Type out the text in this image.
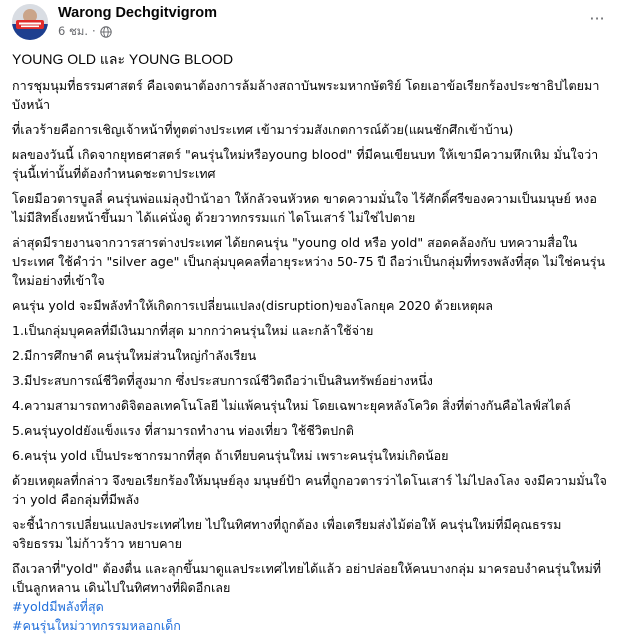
Warong Dechgitvigrom
6 ชม. ·
···

YOUNG OLD และ YOUNG BLOOD

การชุมนุมที่ธรรมศาสตร์ คือเจตนาต้องการล้มล้างสถาบันพระมหากษัตริย์ โดยเอาข้อเรียกร้องประชาธิปไตยมาบังหน้า

ที่เลวร้ายคือการเชิญเจ้าหน้าที่ทูตต่างประเทศ เข้ามาร่วมสังเกตการณ์ด้วย(แผนชักศึกเข้าบ้าน)

ผลของวันนี้ เกิดจากยุทธศาสตร์ "คนรุ่นใหม่หรือyoung blood" ที่มีคนเขียนบท ให้เขามีความหึกเหิม มั่นใจว่ารุ่นนี้เท่านั้นที่ต้องกำหนดชะตาประเทศ

โดยมีอวตารบูลลี่ คนรุ่นพ่อแม่ลุงป้าน้าอา ให้กลัวจนหัวหด ขาดความมั่นใจ ไร้ศักดิ์ศรีของความเป็นมนุษย์ หงอ ไม่มีสิทธิ์เงยหน้าขึ้นมา ได้แค่นั่งดู ด้วยวาทกรรมแก่ ไดโนเสาร์ ไม่ใช่ไปตาย

ล่าสุดมีรายงานจากวารสารต่างประเทศ ได้ยกคนรุ่น "young old หรือ yold" สอดคล้องกับ บทความสื่อในประเทศ ใช้คำว่า "silver age" เป็นกลุ่มบุคคลที่อายุระหว่าง 50-75 ปี ถือว่าเป็นกลุ่มที่ทรงพลังที่สุด ไม่ใช่คนรุ่นใหม่อย่างที่เข้าใจ

คนรุ่น yold จะมีพลังทำให้เกิดการเปลี่ยนแปลง(disruption)ของโลกยุค 2020 ด้วยเหตุผล

1.เป็นกลุ่มบุคคลที่มีเงินมากที่สุด มากกว่าคนรุ่นใหม่ และกล้าใช้จ่าย

2.มีการศึกษาดี คนรุ่นใหม่ส่วนใหญ่กำลังเรียน

3.มีประสบการณ์ชีวิตที่สูงมาก ซึ่งประสบการณ์ชีวิตถือว่าเป็นสินทรัพย์อย่างหนึ่ง

4.ความสามารถทางดิจิตอลเทคโนโลยี ไม่แพ้คนรุ่นใหม่ โดยเฉพาะยุคหลังโควิด สิ่งที่ต่างกันคือไลฟ์สไตล์

5.คนรุ่นyoldยังแข็งแรง ที่สามารถทำงาน ท่องเที่ยว ใช้ชีวิตปกติ

6.คนรุ่น yold เป็นประชากรมากที่สุด ถ้าเทียบคนรุ่นใหม่ เพราะคนรุ่นใหม่เกิดน้อย

ด้วยเหตุผลที่กล่าว จึงขอเรียกร้องให้มนุษย์ลุง มนุษย์ป้า คนที่ถูกอวตารว่าไดโนเสาร์ ไม่ไปลงโลง จงมีความมั่นใจว่า yold คือกลุ่มที่มีพลัง

จะชี้นำการเปลี่ยนแปลงประเทศไทย ไปในทิศทางที่ถูกต้อง เพื่อเตรียมส่งไม้ต่อให้ คนรุ่นใหม่ที่มีคุณธรรม จริยธรรม ไม่ก้าวร้าว หยาบคาย

ถึงเวลาที่"yold" ต้องตื่น และลุกขึ้นมาดูแลประเทศไทยได้แล้ว อย่าปล่อยให้คนบางกลุ่ม มาครอบงำคนรุ่นใหม่ที่เป็นลูกหลาน เดินไปในทิศทางที่ผิดอีกเลย

#yoldมีพลังที่สุด
#คนรุ่นใหม่วาทกรรมหลอกเด็ก
